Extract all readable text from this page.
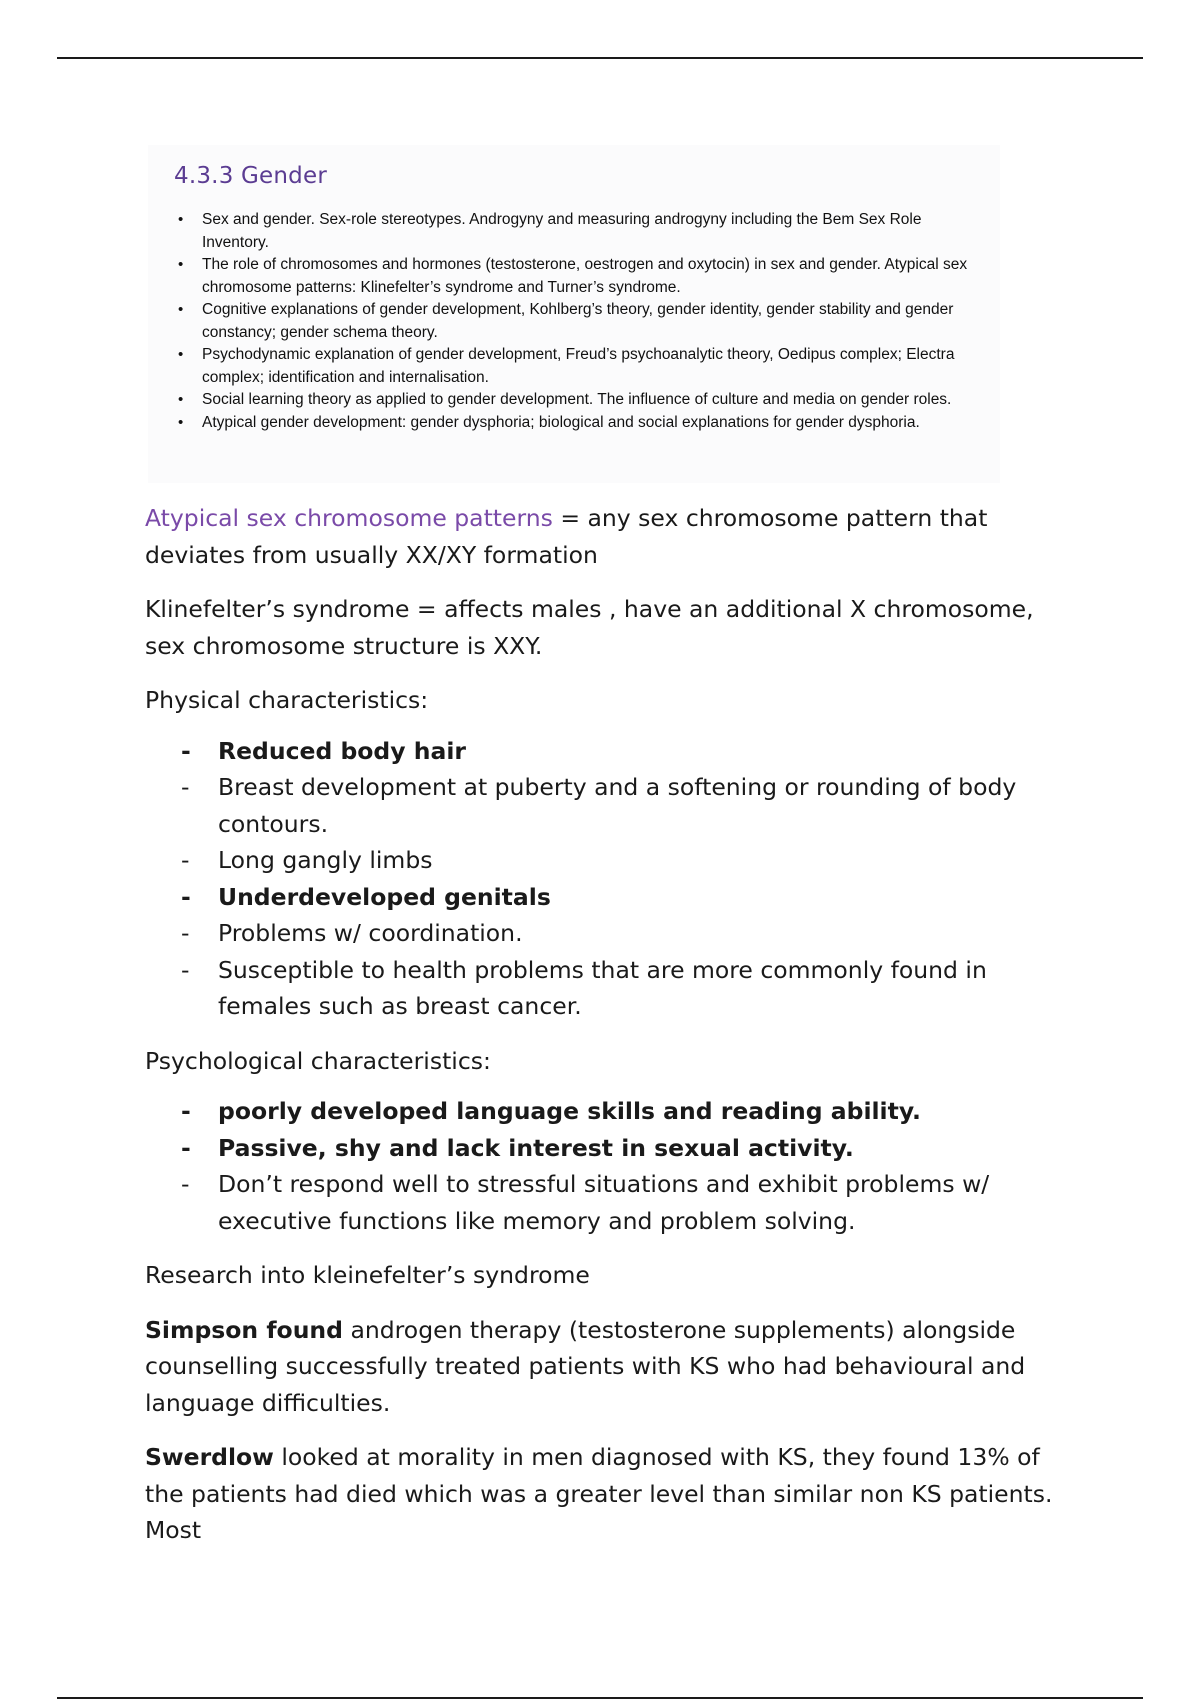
4.3.3 Gender
• Sex and gender. Sex-role stereotypes. Androgyny and measuring androgyny including the Bem Sex Role Inventory.
• The role of chromosomes and hormones (testosterone, oestrogen and oxytocin) in sex and gender. Atypical sex chromosome patterns: Klinefelter’s syndrome and Turner’s syndrome.
• Cognitive explanations of gender development, Kohlberg’s theory, gender identity, gender stability and gender constancy; gender schema theory.
• Psychodynamic explanation of gender development, Freud’s psychoanalytic theory, Oedipus complex; Electra complex; identification and internalisation.
• Social learning theory as applied to gender development. The influence of culture and media on gender roles.
• Atypical gender development: gender dysphoria; biological and social explanations for gender dysphoria.

Atypical sex chromosome patterns = any sex chromosome pattern that deviates from usually XX/XY formation

Klinefelter’s syndrome = affects males , have an additional X chromosome, sex chromosome structure is XXY.

Physical characteristics:

- Reduced body hair
- Breast development at puberty and a softening or rounding of body contours.
- Long gangly limbs
- Underdeveloped genitals
- Problems w/ coordination.
- Susceptible to health problems that are more commonly found in females such as breast cancer.

Psychological characteristics:

- poorly developed language skills and reading ability.
- Passive, shy and lack interest in sexual activity.
- Don’t respond well to stressful situations and exhibit problems w/ executive functions like memory and problem solving.

Research into kleinefelter’s syndrome

Simpson found androgen therapy (testosterone supplements) alongside counselling successfully treated patients with KS who had behavioural and language difficulties.

Swerdlow looked at morality in men diagnosed with KS, they found 13% of the patients had died which was a greater level than similar non KS patients. Most
